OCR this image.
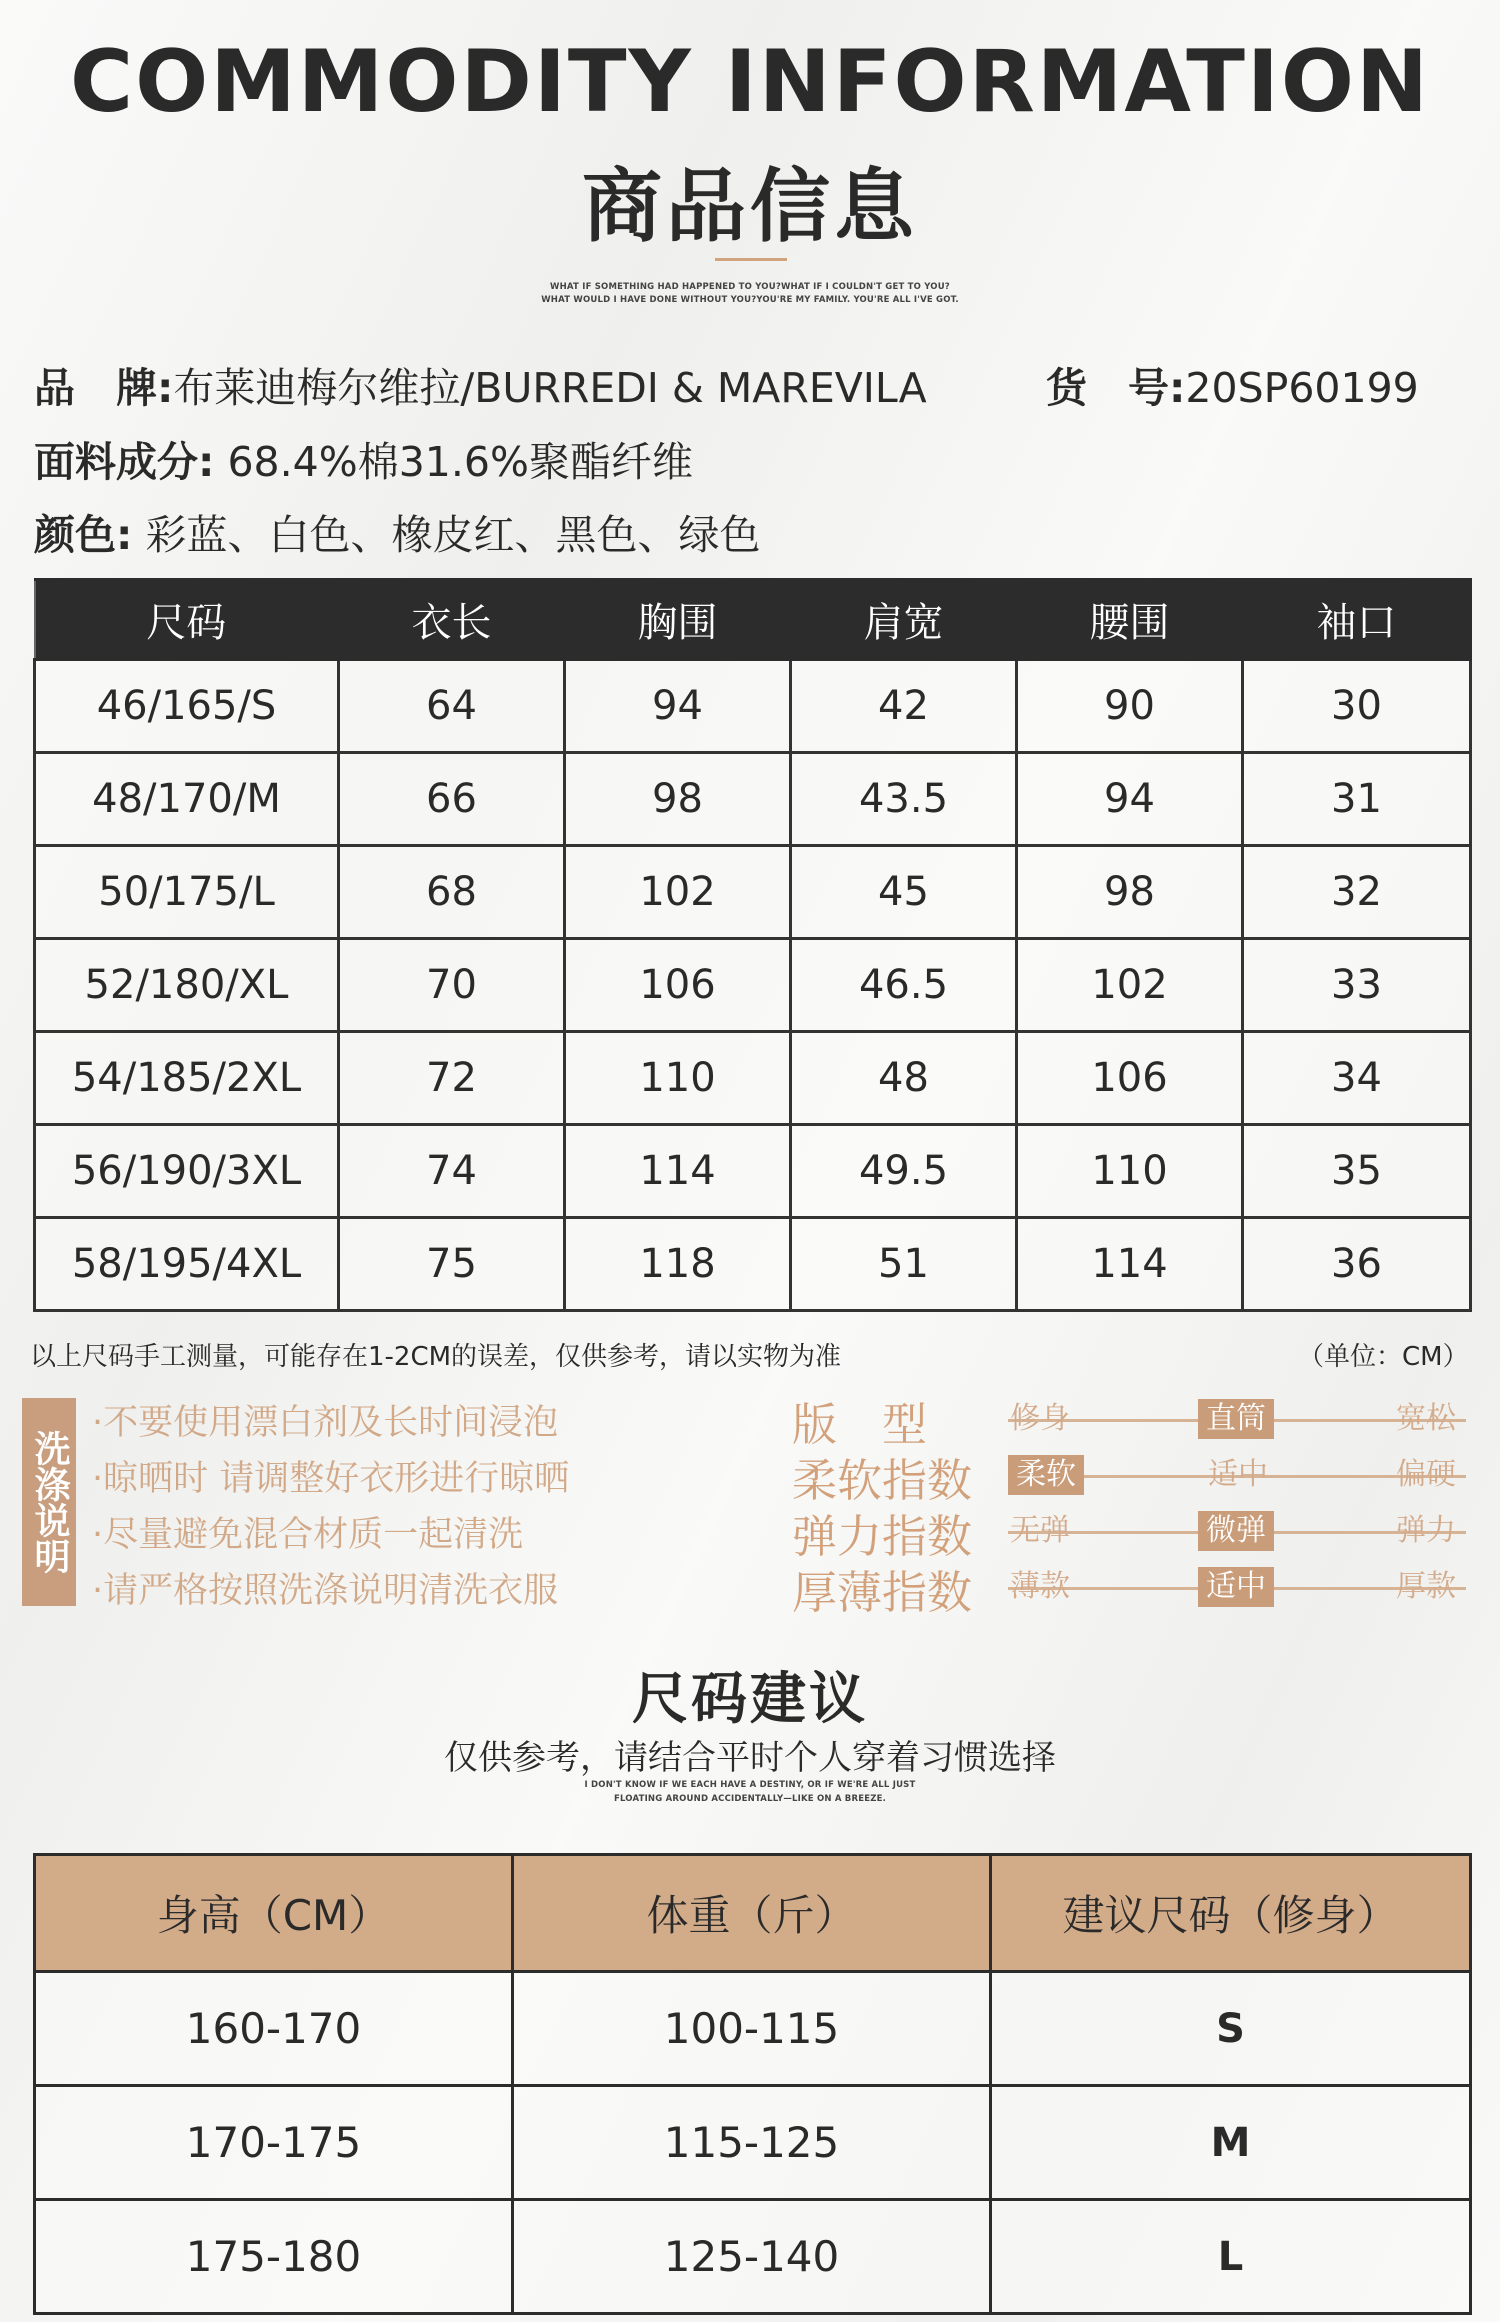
COMMODITY INFORMATION
商品信息
WHAT IF SOMETHING HAD HAPPENED TO YOU?WHAT IF I COULDN'T GET TO YOU?
WHAT WOULD I HAVE DONE WITHOUT YOU?YOU'RE MY FAMILY. YOU'RE ALL I'VE GOT.
品　牌:布莱迪梅尔维拉/BURREDI & MAREVILA	货　号:20SP60199
面料成分: 68.4%棉31.6%聚酯纤维
颜色: 彩蓝、白色、橡皮红、黑色、绿色
尺码	衣长	胸围	肩宽	腰围	袖口
46/165/S	64	94	42	90	30
48/170/M	66	98	43.5	94	31
50/175/L	68	102	45	98	32
52/180/XL	70	106	46.5	102	33
54/185/2XL	72	110	48	106	34
56/190/3XL	74	114	49.5	110	35
58/195/4XL	75	118	51	114	36
以上尺码手工测量，可能存在1-2CM的误差，仅供参考，请以实物为准	（单位：CM）
洗涤说明
·不要使用漂白剂及长时间浸泡
·晾晒时 请调整好衣形进行晾晒
·尽量避免混合材质一起清洗
·请严格按照洗涤说明清洗衣服
版　型	修身	直筒	宽松
柔软指数 柔软	适中	偏硬
弹力指数 无弹	微弹	弹力
厚薄指数 薄款	适中	厚款
尺码建议
仅供参考，请结合平时个人穿着习惯选择
I DON'T KNOW IF WE EACH HAVE A DESTINY, OR IF WE'RE ALL JUST
FLOATING AROUND ACCIDENTALLY—LIKE ON A BREEZE.
身高（CM）	体重（斤）	建议尺码（修身）
160-170	100-115	S
170-175	115-125	M
175-180	125-140	L
